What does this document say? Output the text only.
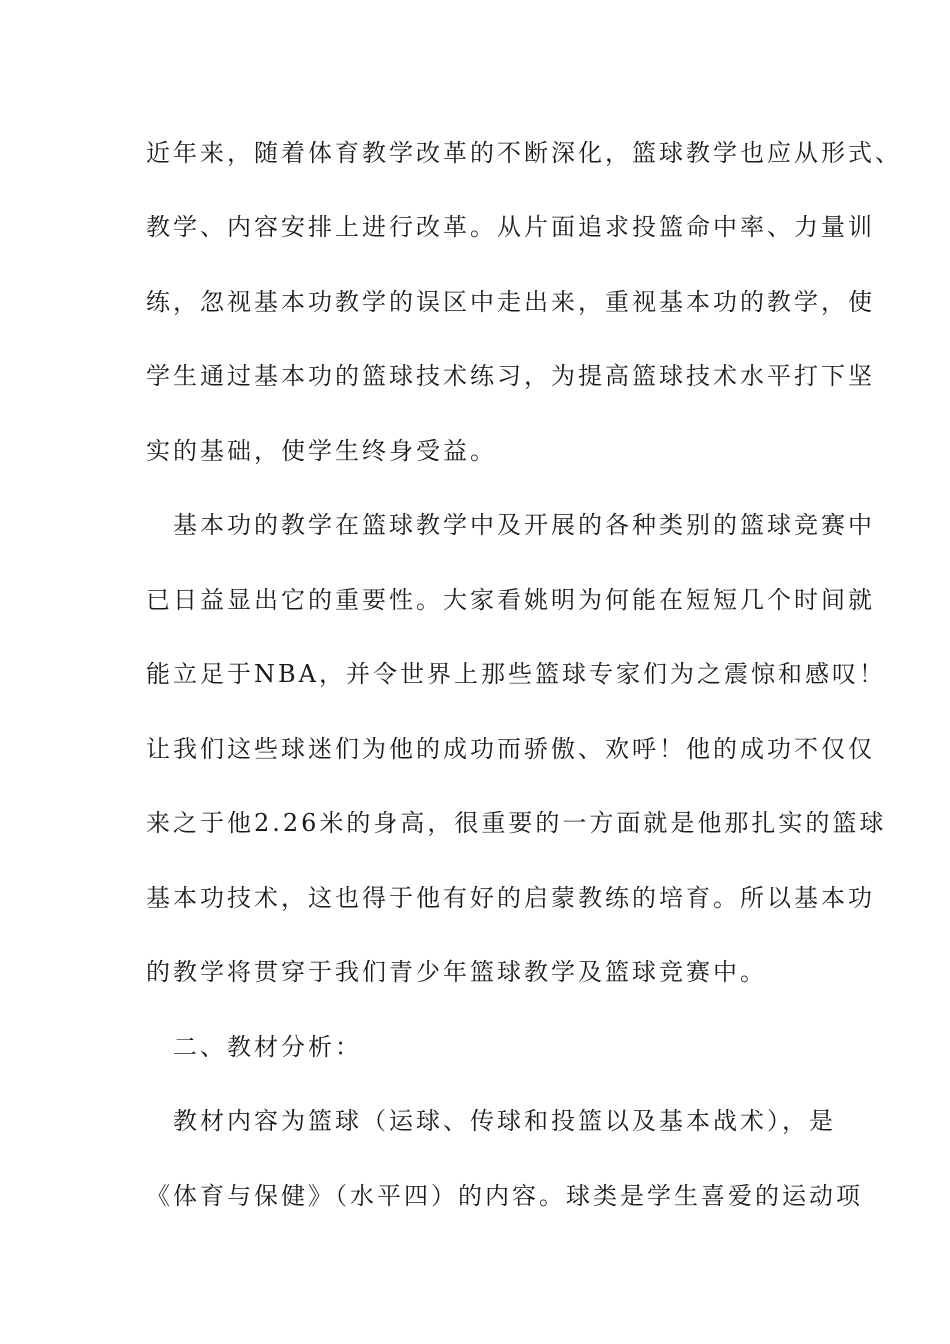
近年来，随着体育教学改革的不断深化，篮球教学也应从形式、
教学、内容安排上进行改革。从片面追求投篮命中率、力量训
练，忽视基本功教学的误区中走出来，重视基本功的教学，使
学生通过基本功的篮球技术练习，为提高篮球技术水平打下坚
实的基础，使学生终身受益。
　基本功的教学在篮球教学中及开展的各种类别的篮球竞赛中
已日益显出它的重要性。大家看姚明为何能在短短几个时间就
能立足于NBA，并令世界上那些篮球专家们为之震惊和感叹！
让我们这些球迷们为他的成功而骄傲、欢呼！他的成功不仅仅
来之于他2.26米的身高，很重要的一方面就是他那扎实的篮球
基本功技术，这也得于他有好的启蒙教练的培育。所以基本功
的教学将贯穿于我们青少年篮球教学及篮球竞赛中。
　二、教材分析：
　教材内容为篮球（运球、传球和投篮以及基本战术），是
《体育与保健》（水平四）的内容。球类是学生喜爱的运动项
